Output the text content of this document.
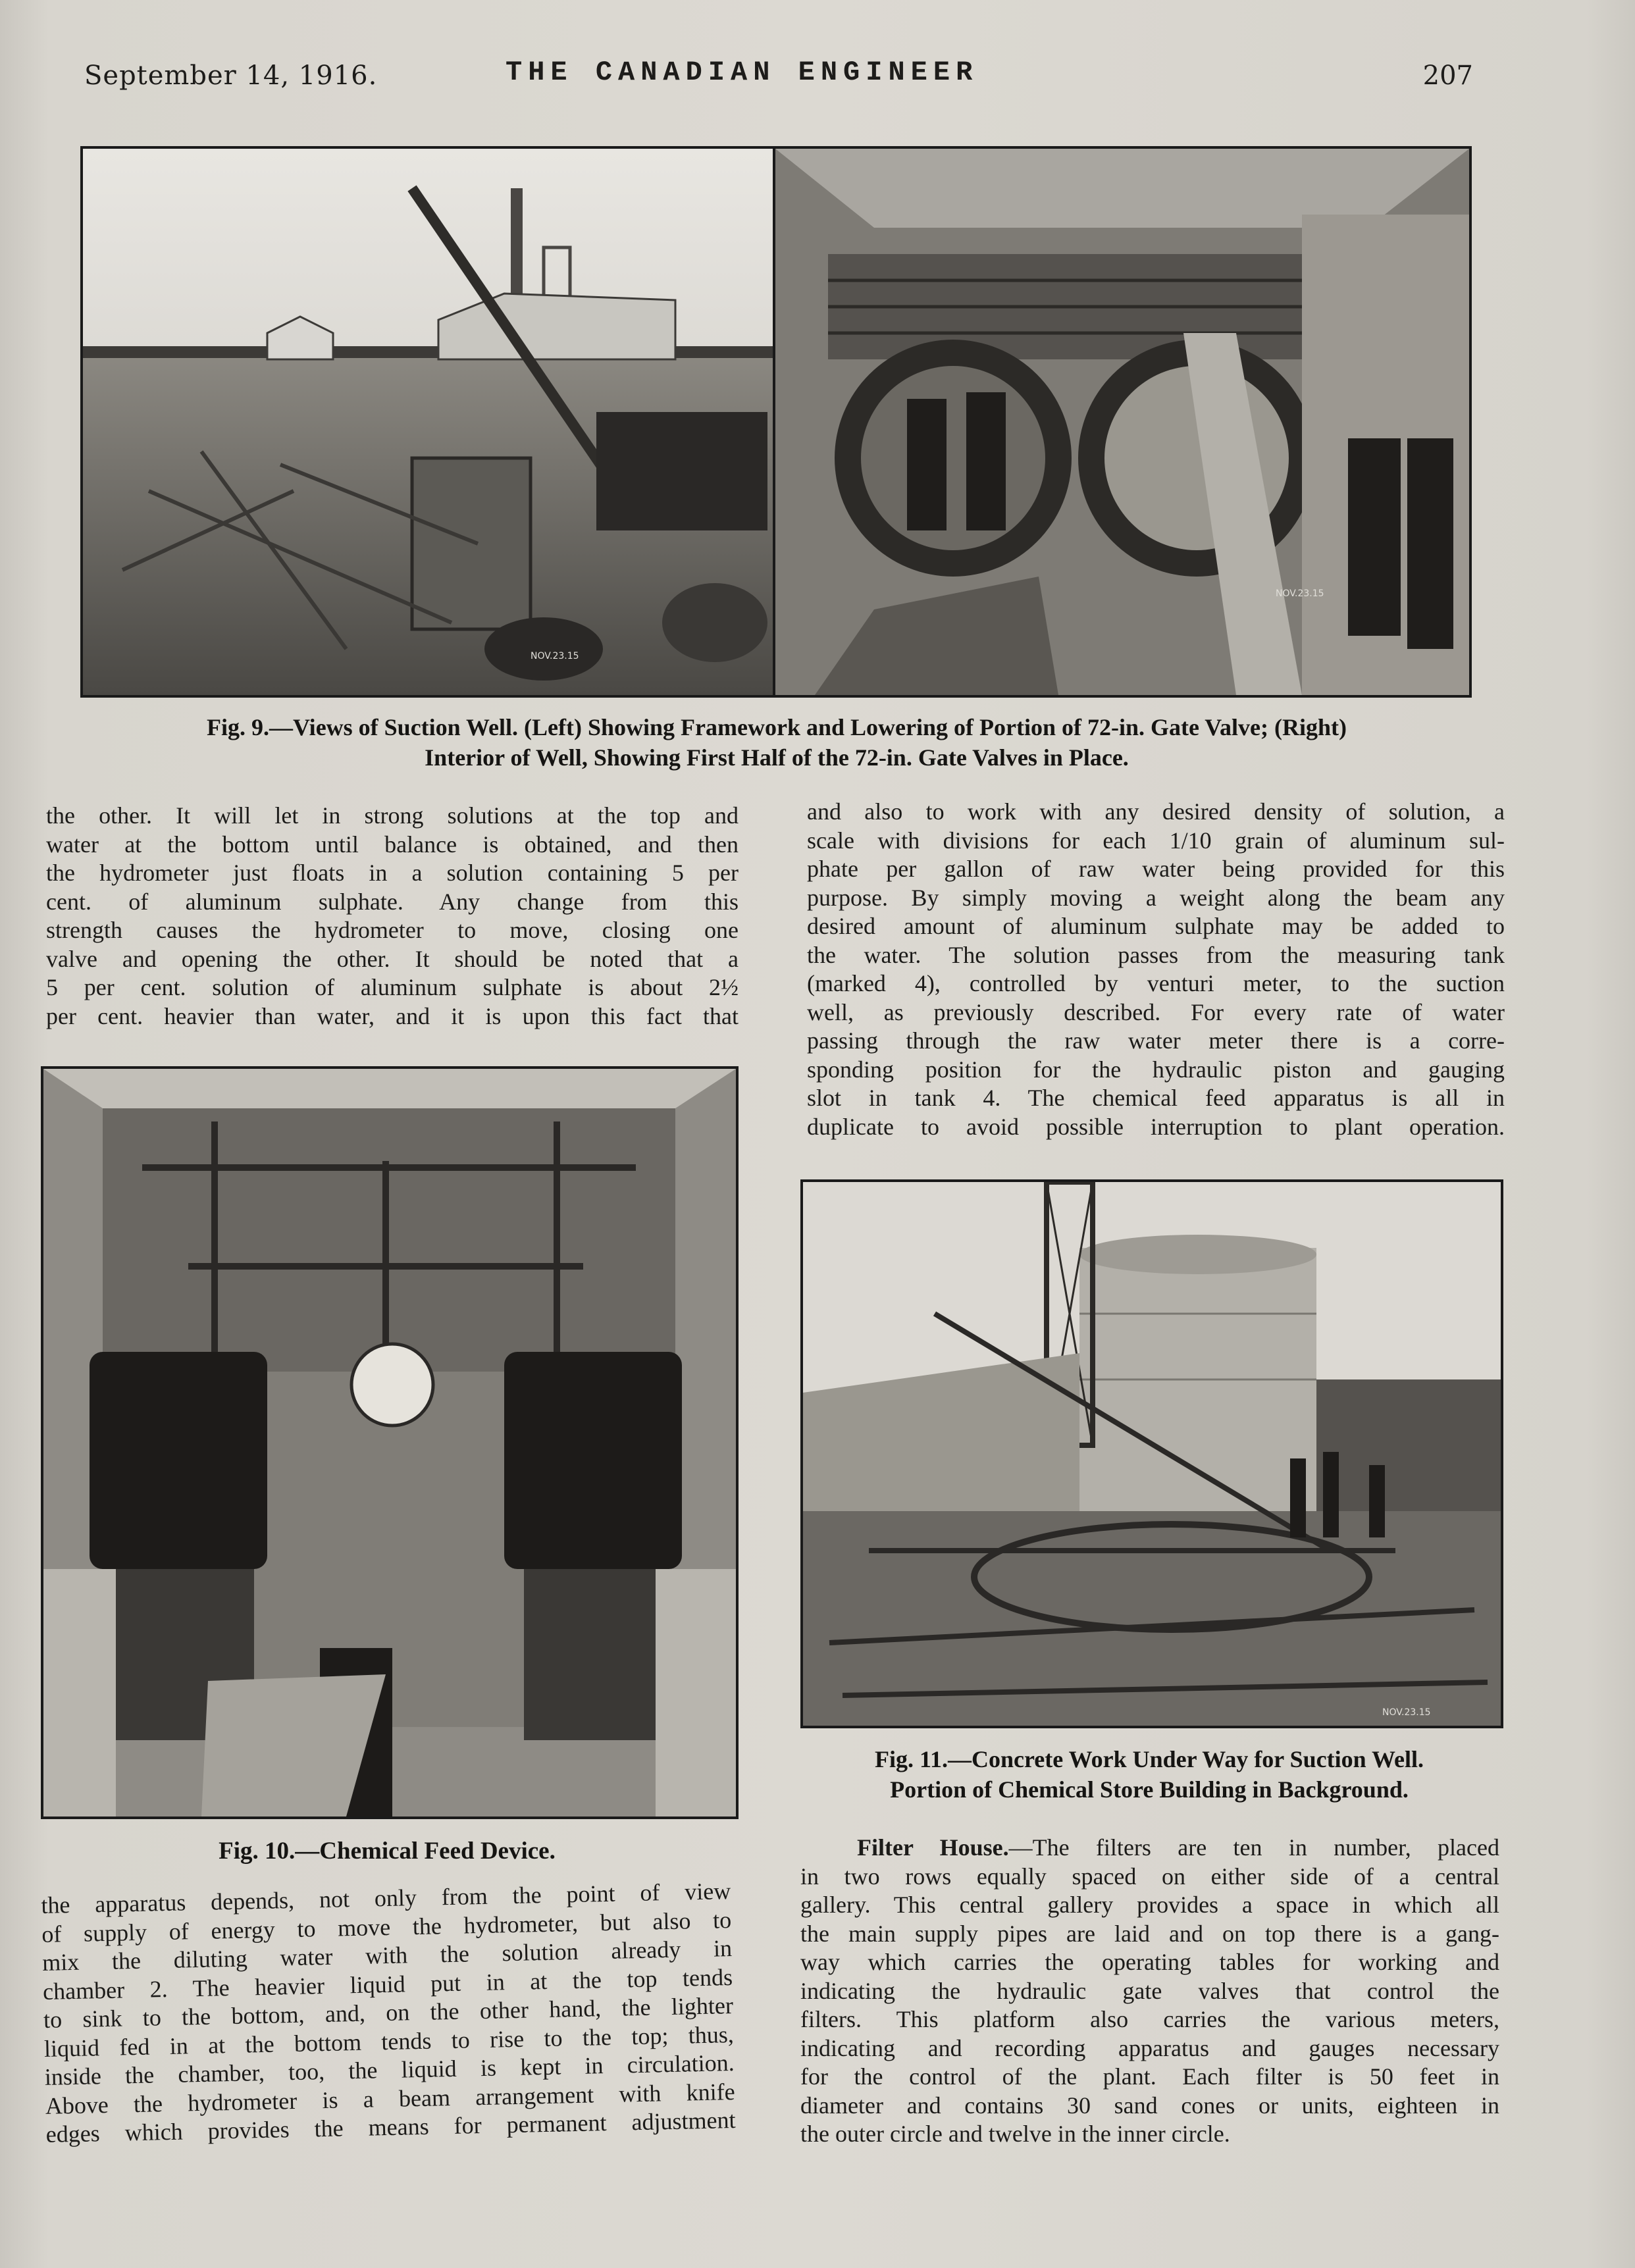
September 14, 1916.	THE CANADIAN ENGINEER	207
NOV.23.15
NOV.23.15
Fig. 9.—Views of Suction Well. (Left) Showing Framework and Lowering of Portion of 72-in. Gate Valve; (Right)
Interior of Well, Showing First Half of the 72-in. Gate Valves in Place.
the other. It will let in strong solutions at the top and
water at the bottom until balance is obtained, and then
the hydrometer just floats in a solution containing 5 per
cent. of aluminum sulphate. Any change from this
strength causes the hydrometer to move, closing one
valve and opening the other. It should be noted that a
5 per cent. solution of aluminum sulphate is about 2½
per cent. heavier than water, and it is upon this fact that
and also to work with any desired density of solution, a
scale with divisions for each 1/10 grain of aluminum sul-
phate per gallon of raw water being provided for this
purpose. By simply moving a weight along the beam any
desired amount of aluminum sulphate may be added to
the water. The solution passes from the measuring tank
(marked 4), controlled by venturi meter, to the suction
well, as previously described. For every rate of water
passing through the raw water meter there is a corre-
sponding position for the hydraulic piston and gauging
slot in tank 4. The chemical feed apparatus is all in
duplicate to avoid possible interruption to plant operation.
Fig. 10.—Chemical Feed Device.
the apparatus depends, not only from the point of view
of supply of energy to move the hydrometer, but also to
mix the diluting water with the solution already in
chamber 2. The heavier liquid put in at the top tends
to sink to the bottom, and, on the other hand, the lighter
liquid fed in at the bottom tends to rise to the top; thus,
inside the chamber, too, the liquid is kept in circulation.
Above the hydrometer is a beam arrangement with knife
edges which provides the means for permanent adjustment
NOV.23.15
Fig. 11.—Concrete Work Under Way for Suction Well.
Portion of Chemical Store Building in Background.
Filter House.—The filters are ten in number, placed
in two rows equally spaced on either side of a central
gallery. This central gallery provides a space in which all
the main supply pipes are laid and on top there is a gang-
way which carries the operating tables for working and
indicating the hydraulic gate valves that control the
filters. This platform also carries the various meters,
indicating and recording apparatus and gauges necessary
for the control of the plant. Each filter is 50 feet in
diameter and contains 30 sand cones or units, eighteen in
the outer circle and twelve in the inner circle.
